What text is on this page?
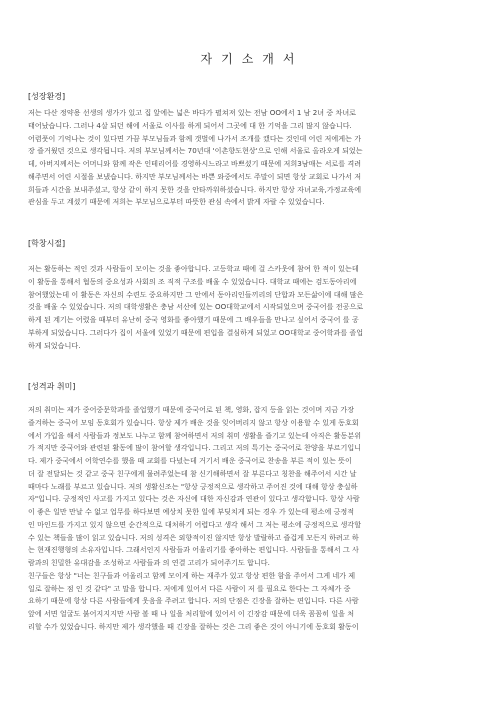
자기소개서
[성장환경]
저는 다산 정약용 선생의 생가가 있고 집 앞에는 넓은 바다가 펼쳐져 있는 전남 OO에서 1 남 2녀 중 차녀로
태어났습니다. 그러나 4살 되던 해에 서울로 이사를 하게 되어서 그곳에 대 한 기억을 그리 많지 않습니다.
어렴풋이 기억나는 것이 있다면 가끔 부모님들과 함께 갯벌에 나가서 조개를 캤다는 것인데 어린 저에게는 가
장 즐거웠던 것으로 생각됩니다. 저의 부모님께서는 70년대 '이촌향도현상'으로 인해 서울로 올라오게 되었는
데, 아버지께서는 어머니와 함께 작은 인테리어를 경영하시느라고 바쁘셨기 때문에 저희3남매는 서로를 격려
해주면서 어린 시절을 보냈습니다. 하지만 부모님께서는 바쁜 와중에서도 주말이 되면 항상 교회로 나가서 저
희들과 시간을 보내주셨고, 항상 같이 하지 못한 것을 안타까워하셨습니다. 하지만 항상 자녀교육,가정교육에
관심을 두고 계셨기 때문에 저희는 부모님으로부터 따뜻한 관심 속에서 밝게 자랄 수 있었습니다.
[학창시절]
저는 활동하는 적인 것과 사람들이 모이는 것을 좋아합니다. 고등학교 때에 걸 스카웃에 참여 한 적이 있는데
이 활동을 통해서 협동의 중요성과 사회의 조 직적 구조를 배울 수 있었습니다. 대학교 때에는 검도동아리에
참여했었는데 이 활동은 자신의 수련도 중요하지만 그 안에서 동아리인들끼리의 단합과 모든삶이에 대해 많은
것을 배울 수 있었습니다. 저의 대학생활은 충남 서산에 있는 OO대학교에서 시작되었으며 중국어를 전공으로
하게 된 계기는 어렸을 때부터 유난히 중국 영화를 좋아했기 때문에 그 배우들을 만나고 싶어서 중국어 를 공
부하게 되었습니다. 그러다가 집이 서울에 있었기 때문에 편입을 결심하게 되었고 OO대학교 중어학과를 졸업
하게 되었습니다.
[성격과 취미]
저의 취미는 제가 중어중문학과를 졸업했기 때문에 중국어로 된 책, 영화, 잡지 등을 읽는 것이며 지금 가장
즐겨하는 중국어 모임 동호회가 있습니다. 항상 제가 배운 것을 잊어버리지 않고 항상 이용할 수 있게 동호회
에서 가입을 해서 사람들과 정보도 나누고 함께 참여하면서 저의 취미 생활을 즐기고 있는데 아직은 활동분위
가 적지만 중국어와 관련된 활동에 많이 참여할 생각입니다. 그리고 저의 특기는 중국어로 찬양을 부르기입니
다. 제가 중국에서 어학연수를 했을 때 교회를 다녔는데 거기서 배운 중국어로 찬송을 부른 적이 있는 뜻이
더 잘 전달되는 것 같고 중국 친구에게 물려주었는데 참 신기해하면서 잘 부른다고 칭찬을 해주어서 시간 날
때마다 노래를 부르고 있습니다. 저의 생활신조는 "항상 긍정적으로 생각하고 주어진 것에 대해 항상 충실하
자"입니다. 긍정적인 사고를 가지고 있다는 것은 자신에 대한 자신감과 연관이 있다고 생각합니다. 항상 사람
이 좋은 일만 만날 수 없고 업무를 하다보면 예상치 못한 일에 부딪치게 되는 경우 가 있는데 평소에 긍정적
인 마인드를 가지고 있지 않으면 순간적으로 대처하기 어렵다고 생각 해서 그 저는 평소에 긍정적으로 생각할
수 있는 책들을 많이 읽고 있습니다. 저의 성격은 외향적이진 않지만 항상 발랄하고 즐겁게 모든지 하려고 하
는 현재진행형의 소유자입니다. 그래서인지 사람들과 어울리기를 좋아하는 편입니다. 사람들을 통해서 그 사
람과의 친밀한 유대감을 조성하고 사람들과 의 연결 고리가 되어주기도 합니다.
친구들은 항상 "너는 친구들과 어울리고 함께 모이게 하는 재주가 있고 항상 편한 함을 주어서 그게 네가 제
일로 잘하는 점 인 것 같다" 고 말을 합니다. 저에게 있어서 다른 사람이 저 를 필요로 한다는 그 자체가 중
요하기 때문에 항상 다른 사람들에게 웃음을 주려고 합니다. 저의 단점은 긴장을 잘하는 편입니다. 다른 사람
앞에 서면 얼굴도 붉어지지지만 사람 볼 때 나 일을 처리할에 있어서 이 긴장감 때문에 더욱 꼼꼼히 일을 처
리할 수가 있었습니다. 하지만 제가 생각했을 때 긴장을 잘하는 것은 그리 좋은 것이 아니기에 동호회 활동이
